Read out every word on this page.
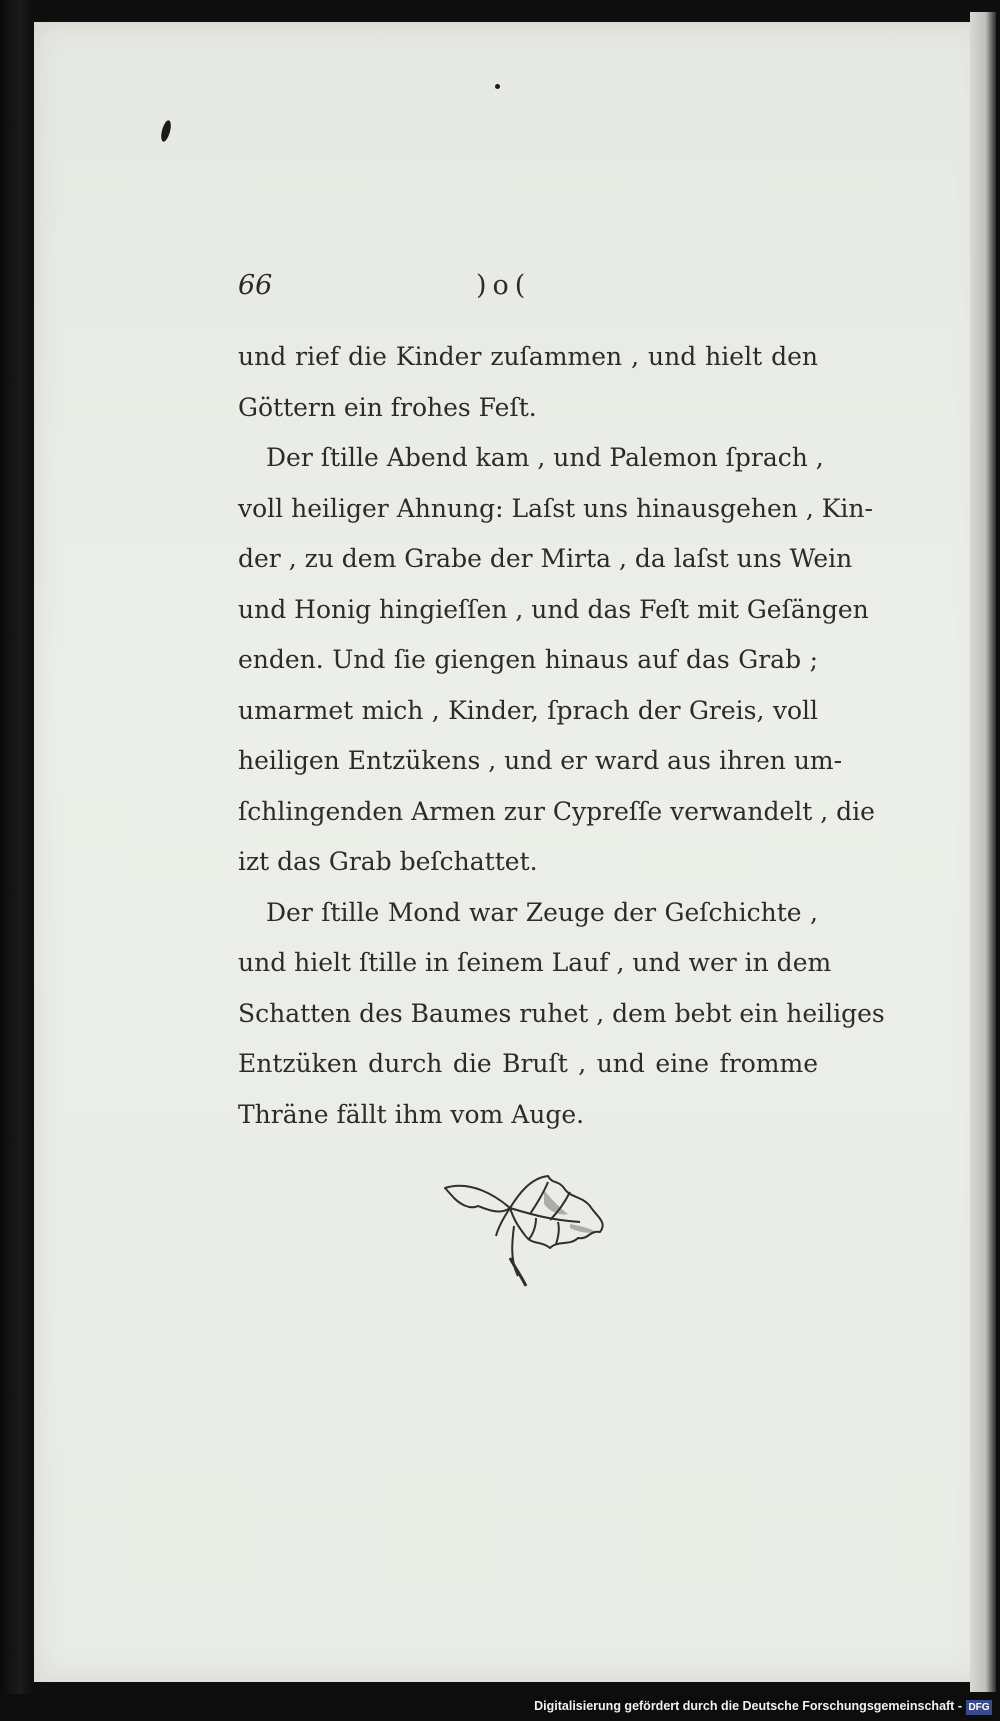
66	)o(
und rief die Kinder zuſammen , und hielt den
Göttern ein frohes Feſt.
Der ſtille Abend kam , und Palemon ſprach ,
voll heiliger Ahnung: Laſst uns hinausgehen , Kin-
der , zu dem Grabe der Mirta , da laſst uns Wein
und Honig hingieſſen , und das Feſt mit Geſängen
enden. Und ſie giengen hinaus auf das Grab ;
umarmet mich , Kinder, ſprach der Greis, voll
heiligen Entzükens , und er ward aus ihren um-
ſchlingenden Armen zur Cypreſſe verwandelt , die
izt das Grab beſchattet.
Der ſtille Mond war Zeuge der Geſchichte ,
und hielt ſtille in ſeinem Lauf , und wer in dem
Schatten des Baumes ruhet , dem bebt ein heiliges
Entzüken durch die Bruſt , und eine fromme
Thräne fällt ihm vom Auge.
Digitalisierung gefördert durch die Deutsche Forschungsgemeinschaft - DFG
